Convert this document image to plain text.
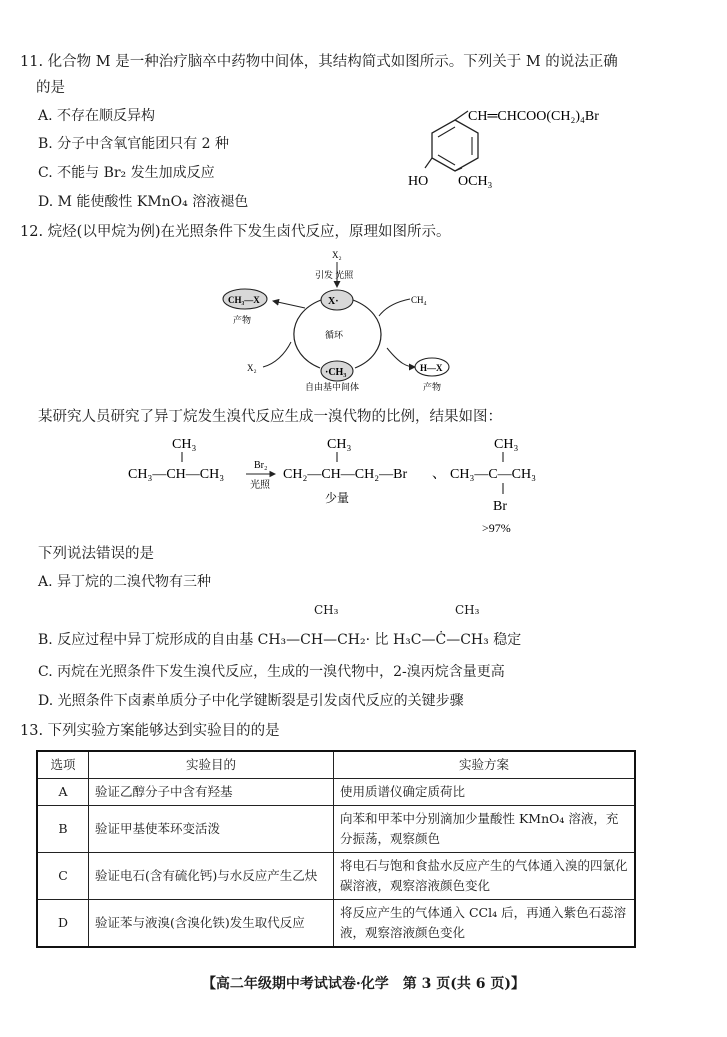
11. 化合物 M 是一种治疗脑卒中药物中间体，其结构简式如图所示。下列关于 M 的说法正确
的是
A. 不存在顺反异构
B. 分子中含氧官能团只有 2 种
C. 不能与 Br₂ 发生加成反应
D. M 能使酸性 KMnO₄ 溶液褪色
CH═CHCOO(CH₂)₄Br
HO OCH₃
12. 烷烃(以甲烷为例)在光照条件下发生卤代反应，原理如图所示。
X₂
引发 光照
X·
CH₃—X
产物
循环
CH₄
X₂	·CH₃
自由基中间体
H—X
产物
某研究人员研究了异丁烷发生溴代反应生成一溴代物的比例，结果如图：
CH₃
CH₃—CH—CH₃
Br₂
光照
CH₃
CH₂—CH—CH₂—Br
少量
、
CH₃
CH₃—C—CH₃
Br
>97%
下列说法错误的是
A. 异丁烷的二溴代物有三种
CH₃	CH₃
B. 反应过程中异丁烷形成的自由基 CH₃—CH—CH₂· 比 H₃C—Ċ—CH₃ 稳定
C. 丙烷在光照条件下发生溴代反应，生成的一溴代物中，2-溴丙烷含量更高
D. 光照条件下卤素单质分子中化学键断裂是引发卤代反应的关键步骤
13. 下列实验方案能够达到实验目的的是
选项	实验目的	实验方案
A	验证乙醇分子中含有羟基	使用质谱仪确定质荷比
B	验证甲基使苯环变活泼	向苯和甲苯中分别滴加少量酸性 KMnO₄ 溶液，充分振荡，观察颜色
C	验证电石(含有硫化钙)与水反应产生乙炔	将电石与饱和食盐水反应产生的气体通入溴的四氯化碳溶液，观察溶液颜色变化
D	验证苯与液溴(含溴化铁)发生取代反应	将反应产生的气体通入 CCl₄ 后，再通入紫色石蕊溶液，观察溶液颜色变化
【高二年级期中考试试卷·化学　第 3 页(共 6 页)】
